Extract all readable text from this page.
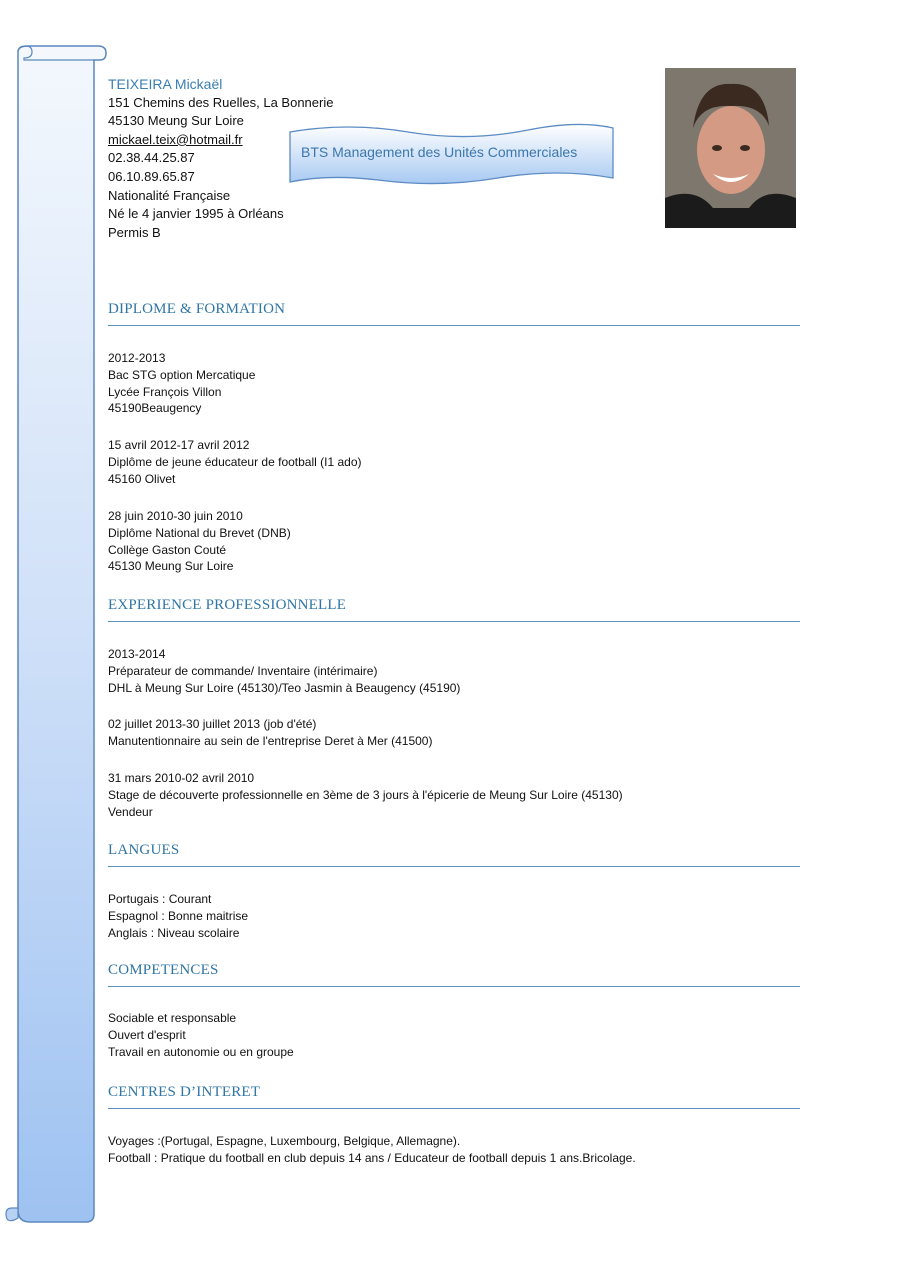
TEIXEIRA Mickaël
151 Chemins des Ruelles, La Bonnerie
45130 Meung Sur Loire
mickael.teix@hotmail.fr
02.38.44.25.87
06.10.89.65.87
Nationalité Française
Né le 4 janvier 1995 à Orléans
Permis B
BTS Management des Unités Commerciales
DIPLOME & FORMATION
2012-2013
Bac STG option Mercatique
Lycée François Villon
45190Beaugency
15 avril 2012-17 avril 2012
Diplôme de jeune éducateur de football (I1 ado)
45160 Olivet
28 juin 2010-30 juin 2010
Diplôme National du Brevet (DNB)
Collège Gaston Couté
45130 Meung Sur Loire
EXPERIENCE PROFESSIONNELLE
2013-2014
Préparateur de commande/ Inventaire (intérimaire)
DHL à Meung Sur Loire (45130)/Teo Jasmin à Beaugency (45190)
02 juillet 2013-30 juillet 2013 (job d'été)
Manutentionnaire au sein de l'entreprise Deret à Mer (41500)
31 mars 2010-02 avril 2010
Stage de découverte professionnelle en 3ème de 3 jours à l'épicerie de Meung Sur Loire (45130)
Vendeur
LANGUES
Portugais : Courant
Espagnol : Bonne maitrise
Anglais : Niveau scolaire
COMPETENCES
Sociable et responsable
Ouvert d'esprit
Travail en autonomie ou en groupe
CENTRES D’INTERET
Voyages :(Portugal, Espagne, Luxembourg, Belgique, Allemagne).
Football : Pratique du football en club depuis 14 ans / Educateur de football depuis 1 ans.Bricolage.
